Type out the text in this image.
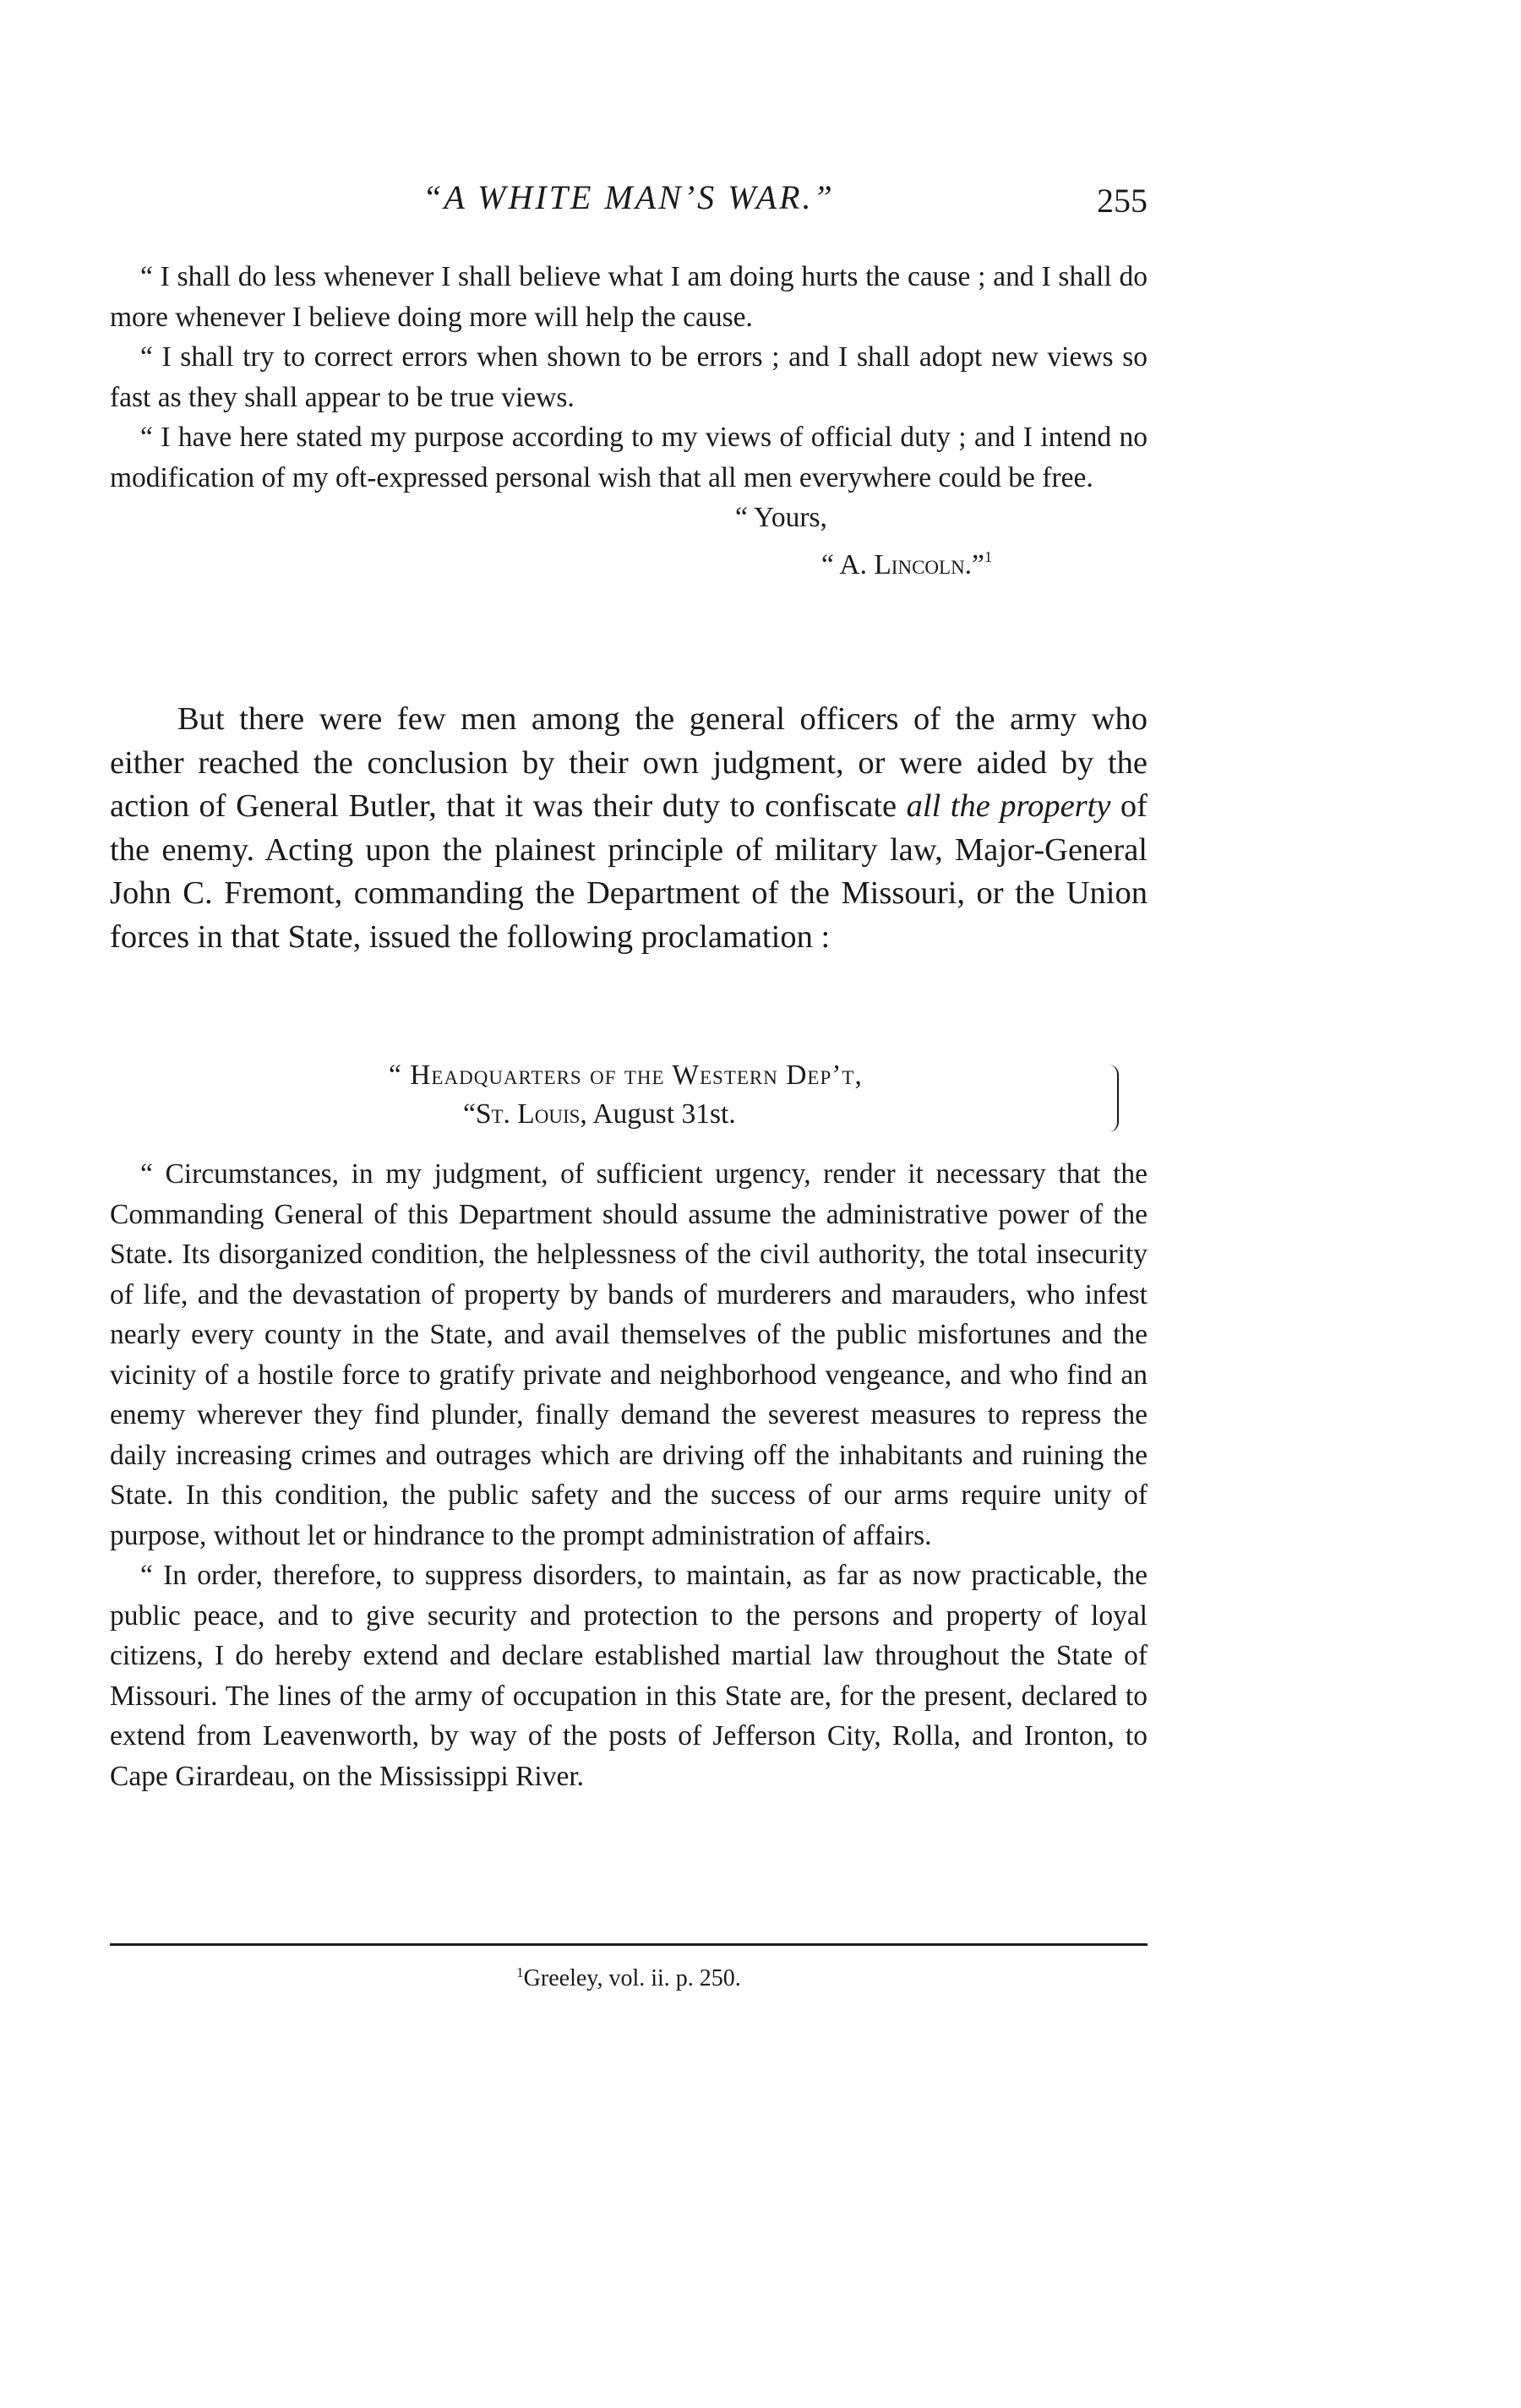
“A WHITE MAN’S WAR.”	255

“ I shall do less whenever I shall believe what I am doing hurts the cause ; and I shall do more whenever I believe doing more will help the cause.

“ I shall try to correct errors when shown to be errors ; and I shall adopt new views so fast as they shall appear to be true views.

“ I have here stated my purpose according to my views of official duty ; and I intend no modification of my oft-expressed personal wish that all men everywhere could be free.

“ Yours,
“ A. Lincoln.”$^1$

But there were few men among the general officers of the army who either reached the conclusion by their own judgment, or were aided by the action of General Butler, that it was their duty to confiscate all the property of the enemy. Acting upon the plainest principle of military law, Major-General John C. Fremont, commanding the Department of the Missouri, or the Union forces in that State, issued the following proclamation :

“ Headquarters of the Western Dep’t,
“St. Louis, August 31st.

“ Circumstances, in my judgment, of sufficient urgency, render it necessary that the Commanding General of this Department should assume the administrative power of the State. Its disorganized condition, the helplessness of the civil authority, the total insecurity of life, and the devastation of property by bands of murderers and marauders, who infest nearly every county in the State, and avail themselves of the public misfortunes and the vicinity of a hostile force to gratify private and neighborhood vengeance, and who find an enemy wherever they find plunder, finally demand the severest measures to repress the daily increasing crimes and outrages which are driving off the inhabitants and ruining the State. In this condition, the public safety and the success of our arms require unity of purpose, without let or hindrance to the prompt administration of affairs.

“ In order, therefore, to suppress disorders, to maintain, as far as now practicable, the public peace, and to give security and protection to the persons and property of loyal citizens, I do hereby extend and declare established martial law throughout the State of Missouri. The lines of the army of occupation in this State are, for the present, declared to extend from Leavenworth, by way of the posts of Jefferson City, Rolla, and Ironton, to Cape Girardeau, on the Mississippi River.

$^1$Greeley, vol. ii. p. 250.
